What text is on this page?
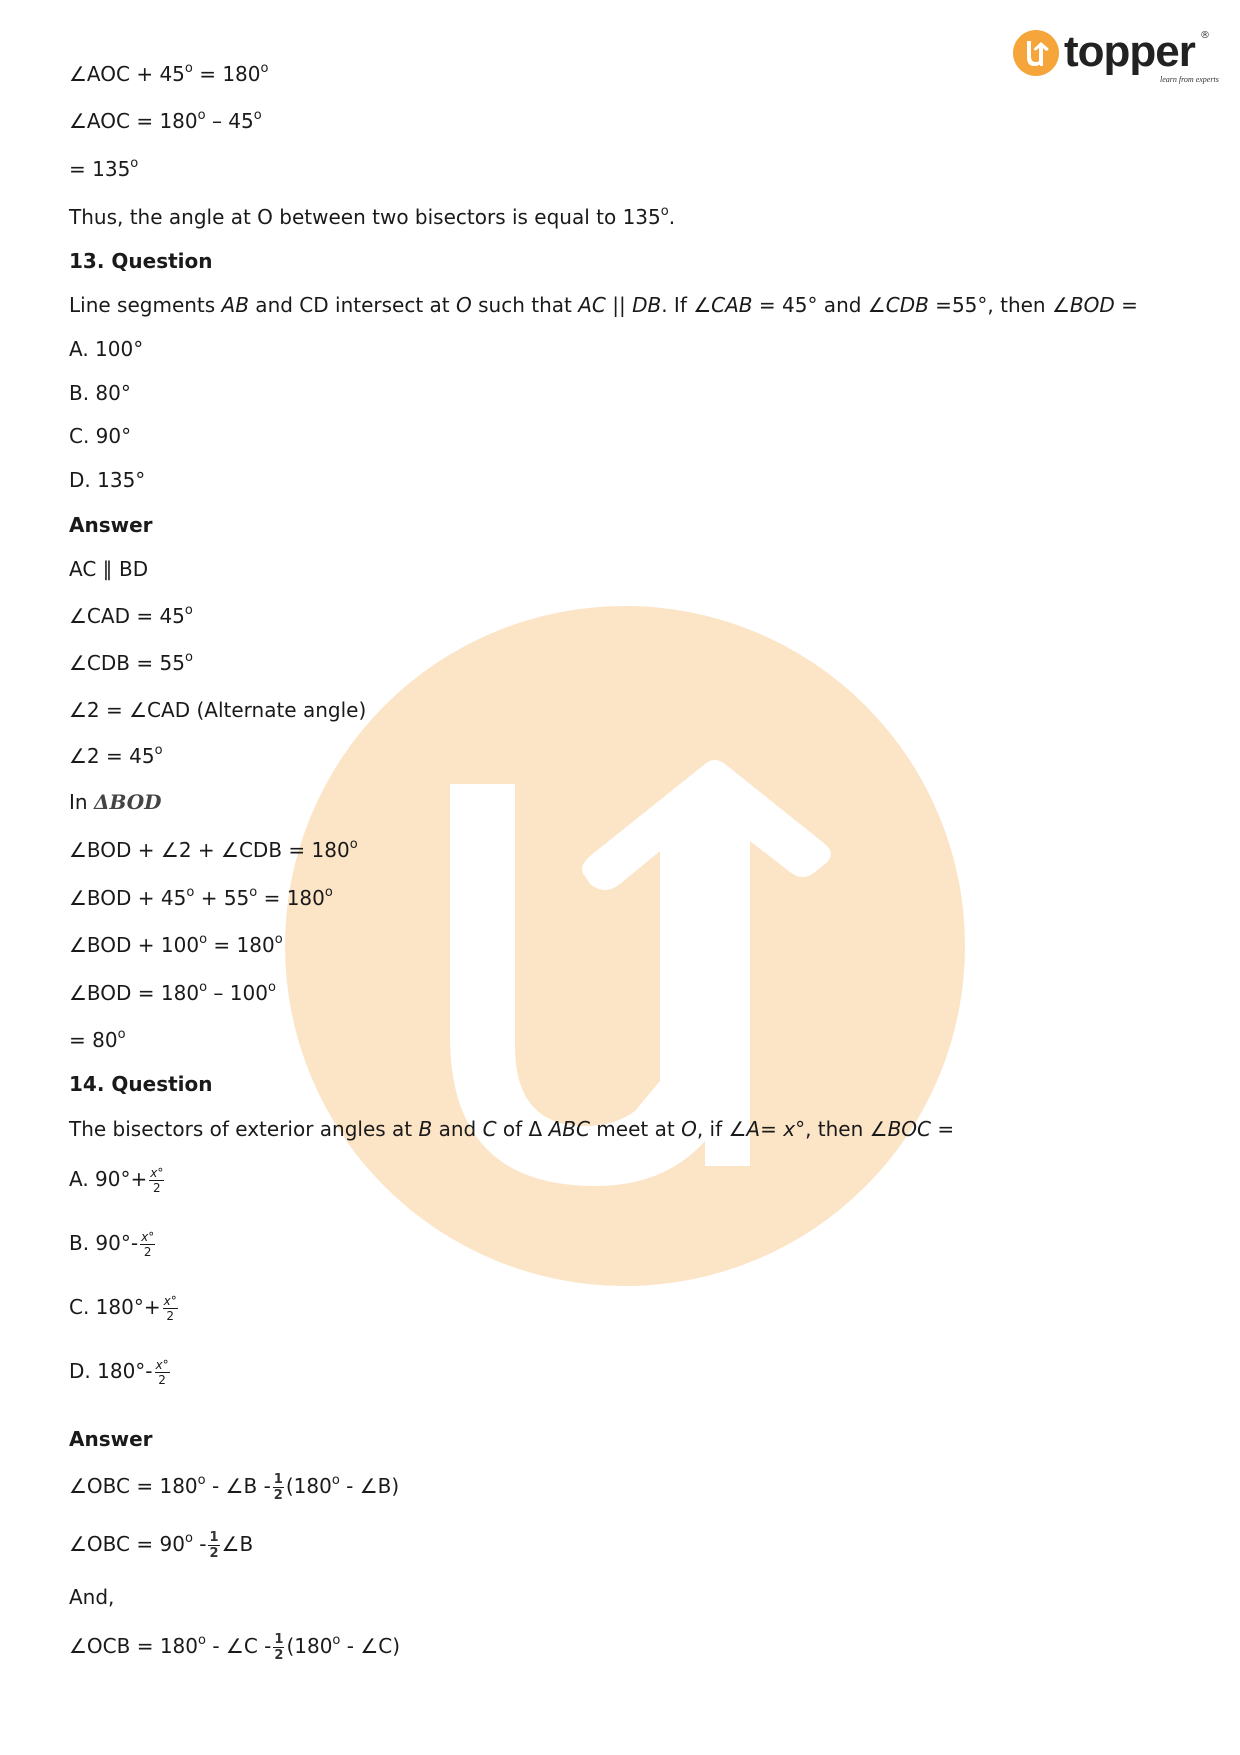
topper
learn from experts
®
∠AOC + $45^o = 180^o$
∠AOC = $180^o - 45^o$
= $135^o$
Thus, the angle at O between two bisectors is equal to 135$^o$.
13. Question
Line segments AB and CD intersect at O such that AC || DB. If ∠CAB = 45° and ∠CDB =55°, then ∠BOD =
A. 100°
B. 80°
C. 90°
D. 135°
Answer
AC ∥ BD
∠CAD = $45^o$
∠CDB = $55^o$
∠2 = ∠CAD (Alternate angle)
∠2 = $45^o$
In ΔBOD
∠BOD + ∠2 + ∠CDB = $180^o$
∠BOD + $45^o + 55^o = 180^o$
∠BOD + $100^o = 180^o$
∠BOD = $180^o - 100^o$
= $80^o$
14. Question
The bisectors of exterior angles at B and C of Δ ABC meet at O, if ∠A= x°, then ∠BOC =
A. $90^\circ+ \frac{x^\circ}{2}$
B. $90^\circ- \frac{x^\circ}{2}$
C. $180^\circ+ \frac{x^\circ}{2}$
D. $180^\circ- \frac{x^\circ}{2}$
Answer
∠OBC = $180^o$ - ∠B - $\frac{1}{2} (180^o$ - ∠B)
∠OBC = $90^o - \frac{1}{2}$ ∠B
And,
∠OCB = $180^o$ - ∠C - $\frac{1}{2} (180^o$ - ∠C)
